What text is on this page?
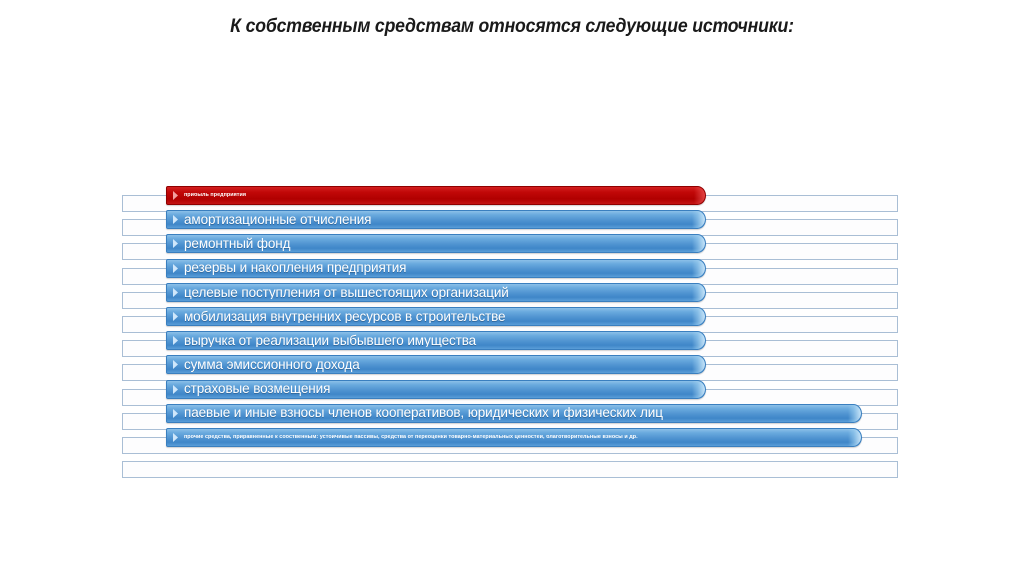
К собственным средствам относятся следующие источники:
прибыль предприятия
амортизационные отчисления
ремонтный фонд
резервы и накопления предприятия
целевые поступления от вышестоящих организаций
мобилизация внутренних ресурсов в строительстве
выручка от реализации выбывшего имущества
сумма эмиссионного дохода
страховые возмещения
паевые и иные взносы членов кооперативов, юридических и физических лиц
прочие средства, приравненные к собственным: устойчивые пассивы, средства от переоценки товарно-материальных ценностей, благотворительные взносы и др.
